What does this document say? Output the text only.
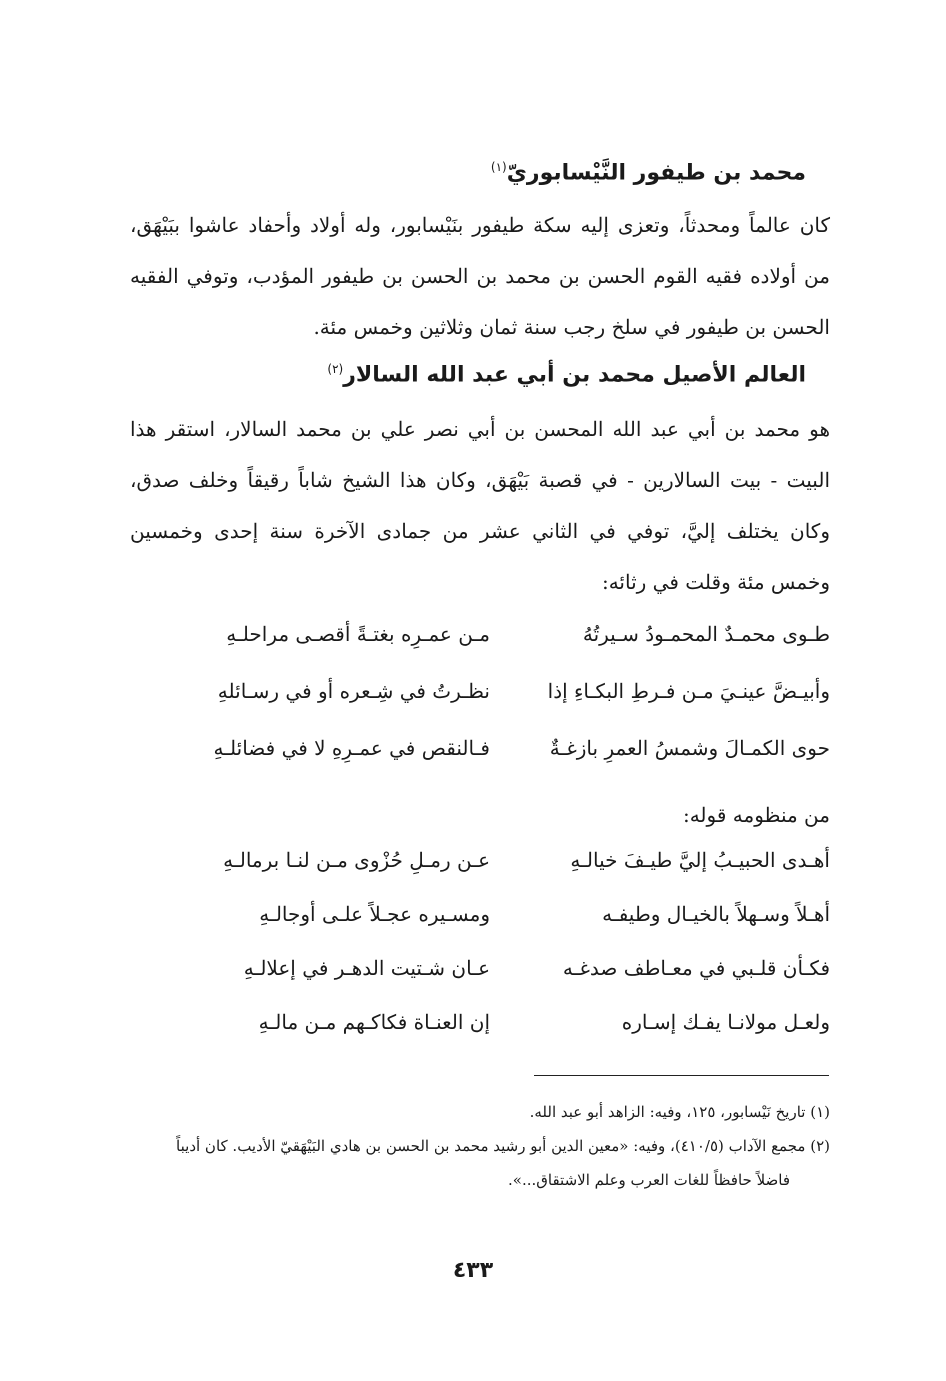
محمد بن طيفور النَّيْسابوريّ$^{(١)}$

كان عالماً ومحدثاً، وتعزى إليه سكة طيفور بنَيْسابور، وله أولاد وأحفاد عاشوا ببَيْهَق، من أولاده فقيه القوم الحسن بن محمد بن الحسن بن طيفور المؤدب، وتوفي الفقيه الحسن بن طيفور في سلخ رجب سنة ثمان وثلاثين وخمس مئة.

العالم الأصيل محمد بن أبي عبد الله السالار$^{(٢)}$

هو محمد بن أبي عبد الله المحسن بن أبي نصر علي بن محمد السالار، استقر هذا البيت - بيت السالارين - في قصبة بَيْهَق، وكان هذا الشيخ شاباً رقيقاً وخلف صدق، وكان يختلف إليَّ، توفي في الثاني عشر من جمادى الآخرة سنة إحدى وخمسين وخمس مئة وقلت في رثائه:

طـوى محمـدٌ المحمـودُ سـيرتُهُ
مـن عمـرِه بغتـةً أقصـى مراحلـهِ
وأبيـضَّ عينـيَ مـن فـرطِ البكـاءِ إذا
نظـرتُ في شِـعره أو في رسـائلهِ
حوى الكمـالَ وشمسُ العمرِ بازغـةٌ
فـالنقص في عمـرِهِ لا في فضائلـهِ
من منظومه قوله:
أهـدى الحبيـبُ إليَّ طيـفَ خيالـهِ
عـن رمـلِ حُزْوى مـن لنـا برمالـهِ
أهـلاً وسـهلاً بالخيـال وطيفـه
ومسـيره عجـلاً علـى أوجالـهِ
فكـأن قلـبي في معـاطف صدغـه
عـان شـتيت الدهـر في إعلالـهِ
ولعـل مولانـا يفـك إسـاره
إن العنـاة فكاكـهم مـن مالـهِ
(١) تاريخ نَيْسابور، ١٢٥، وفيه: الزاهد أبو عبد الله.
(٢) مجمع الآداب (٤١٠/٥)، وفيه: «معين الدين أبو رشيد محمد بن الحسن بن هادي البَيْهَقيّ الأديب. كان أديباً
فاضلاً حافظاً للغات العرب وعلم الاشتقاق...».
٤٣٣
